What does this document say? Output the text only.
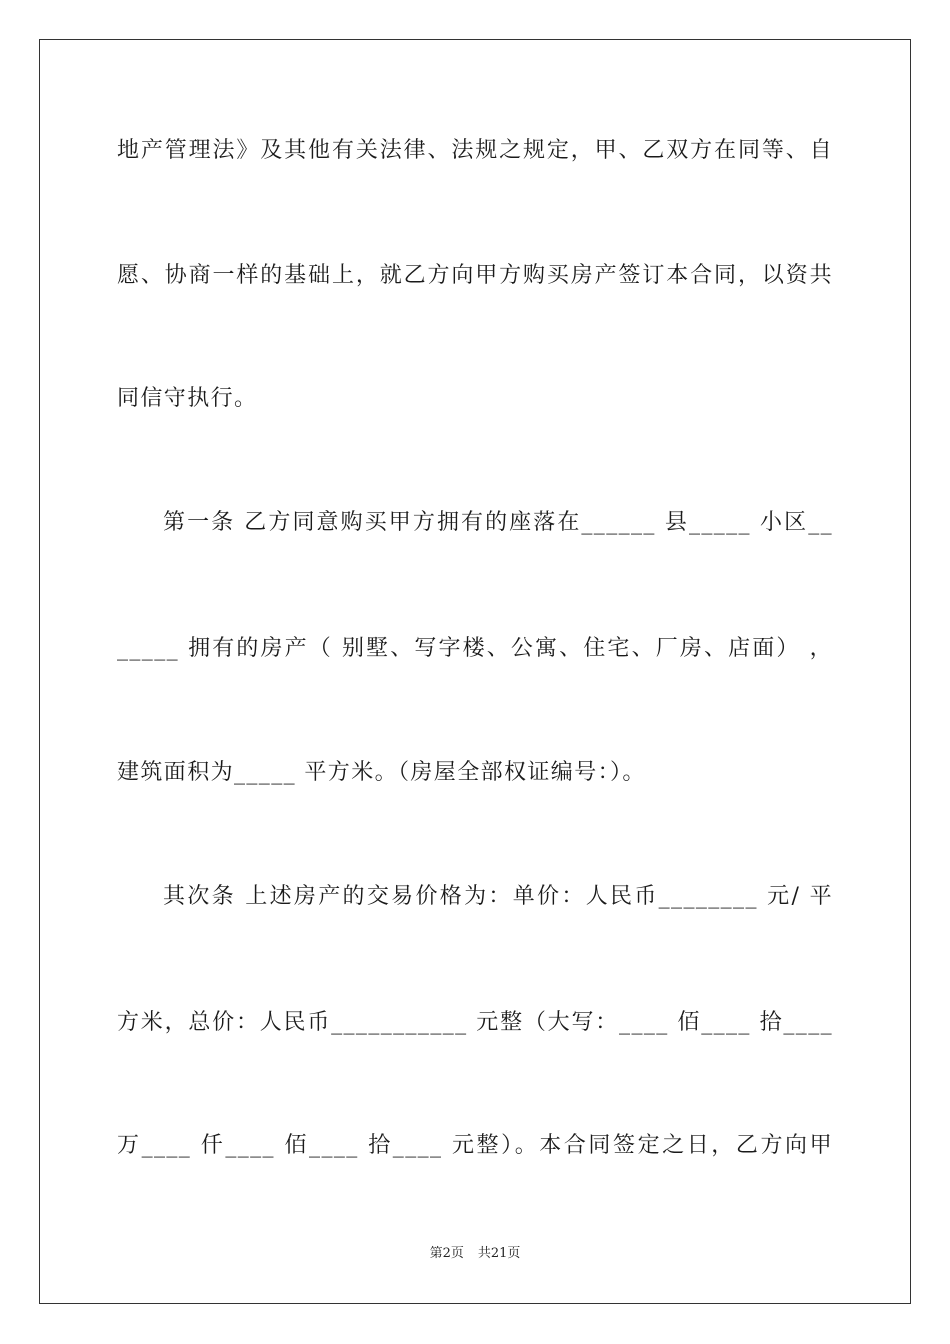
地产管理法》及其他有关法律、法规之规定，甲、乙双方在同等、自
愿、协商一样的基础上，就乙方向甲方购买房产签订本合同，以资共
同信守执行。
第一条 乙方同意购买甲方拥有的座落在______ 县_____ 小区__
_____ 拥有的房产（ 别墅、写字楼、公寓、住宅、厂房、店面） ，
建筑面积为_____ 平方米。（房屋全部权证编号：）。
其次条 上述房产的交易价格为：单价：人民币________ 元/ 平
方米，总价：人民币___________ 元整（大写：____ 佰____ 拾____
万____ 仟____ 佰____ 拾____ 元整）。本合同签定之日，乙方向甲
第2页 共21页
